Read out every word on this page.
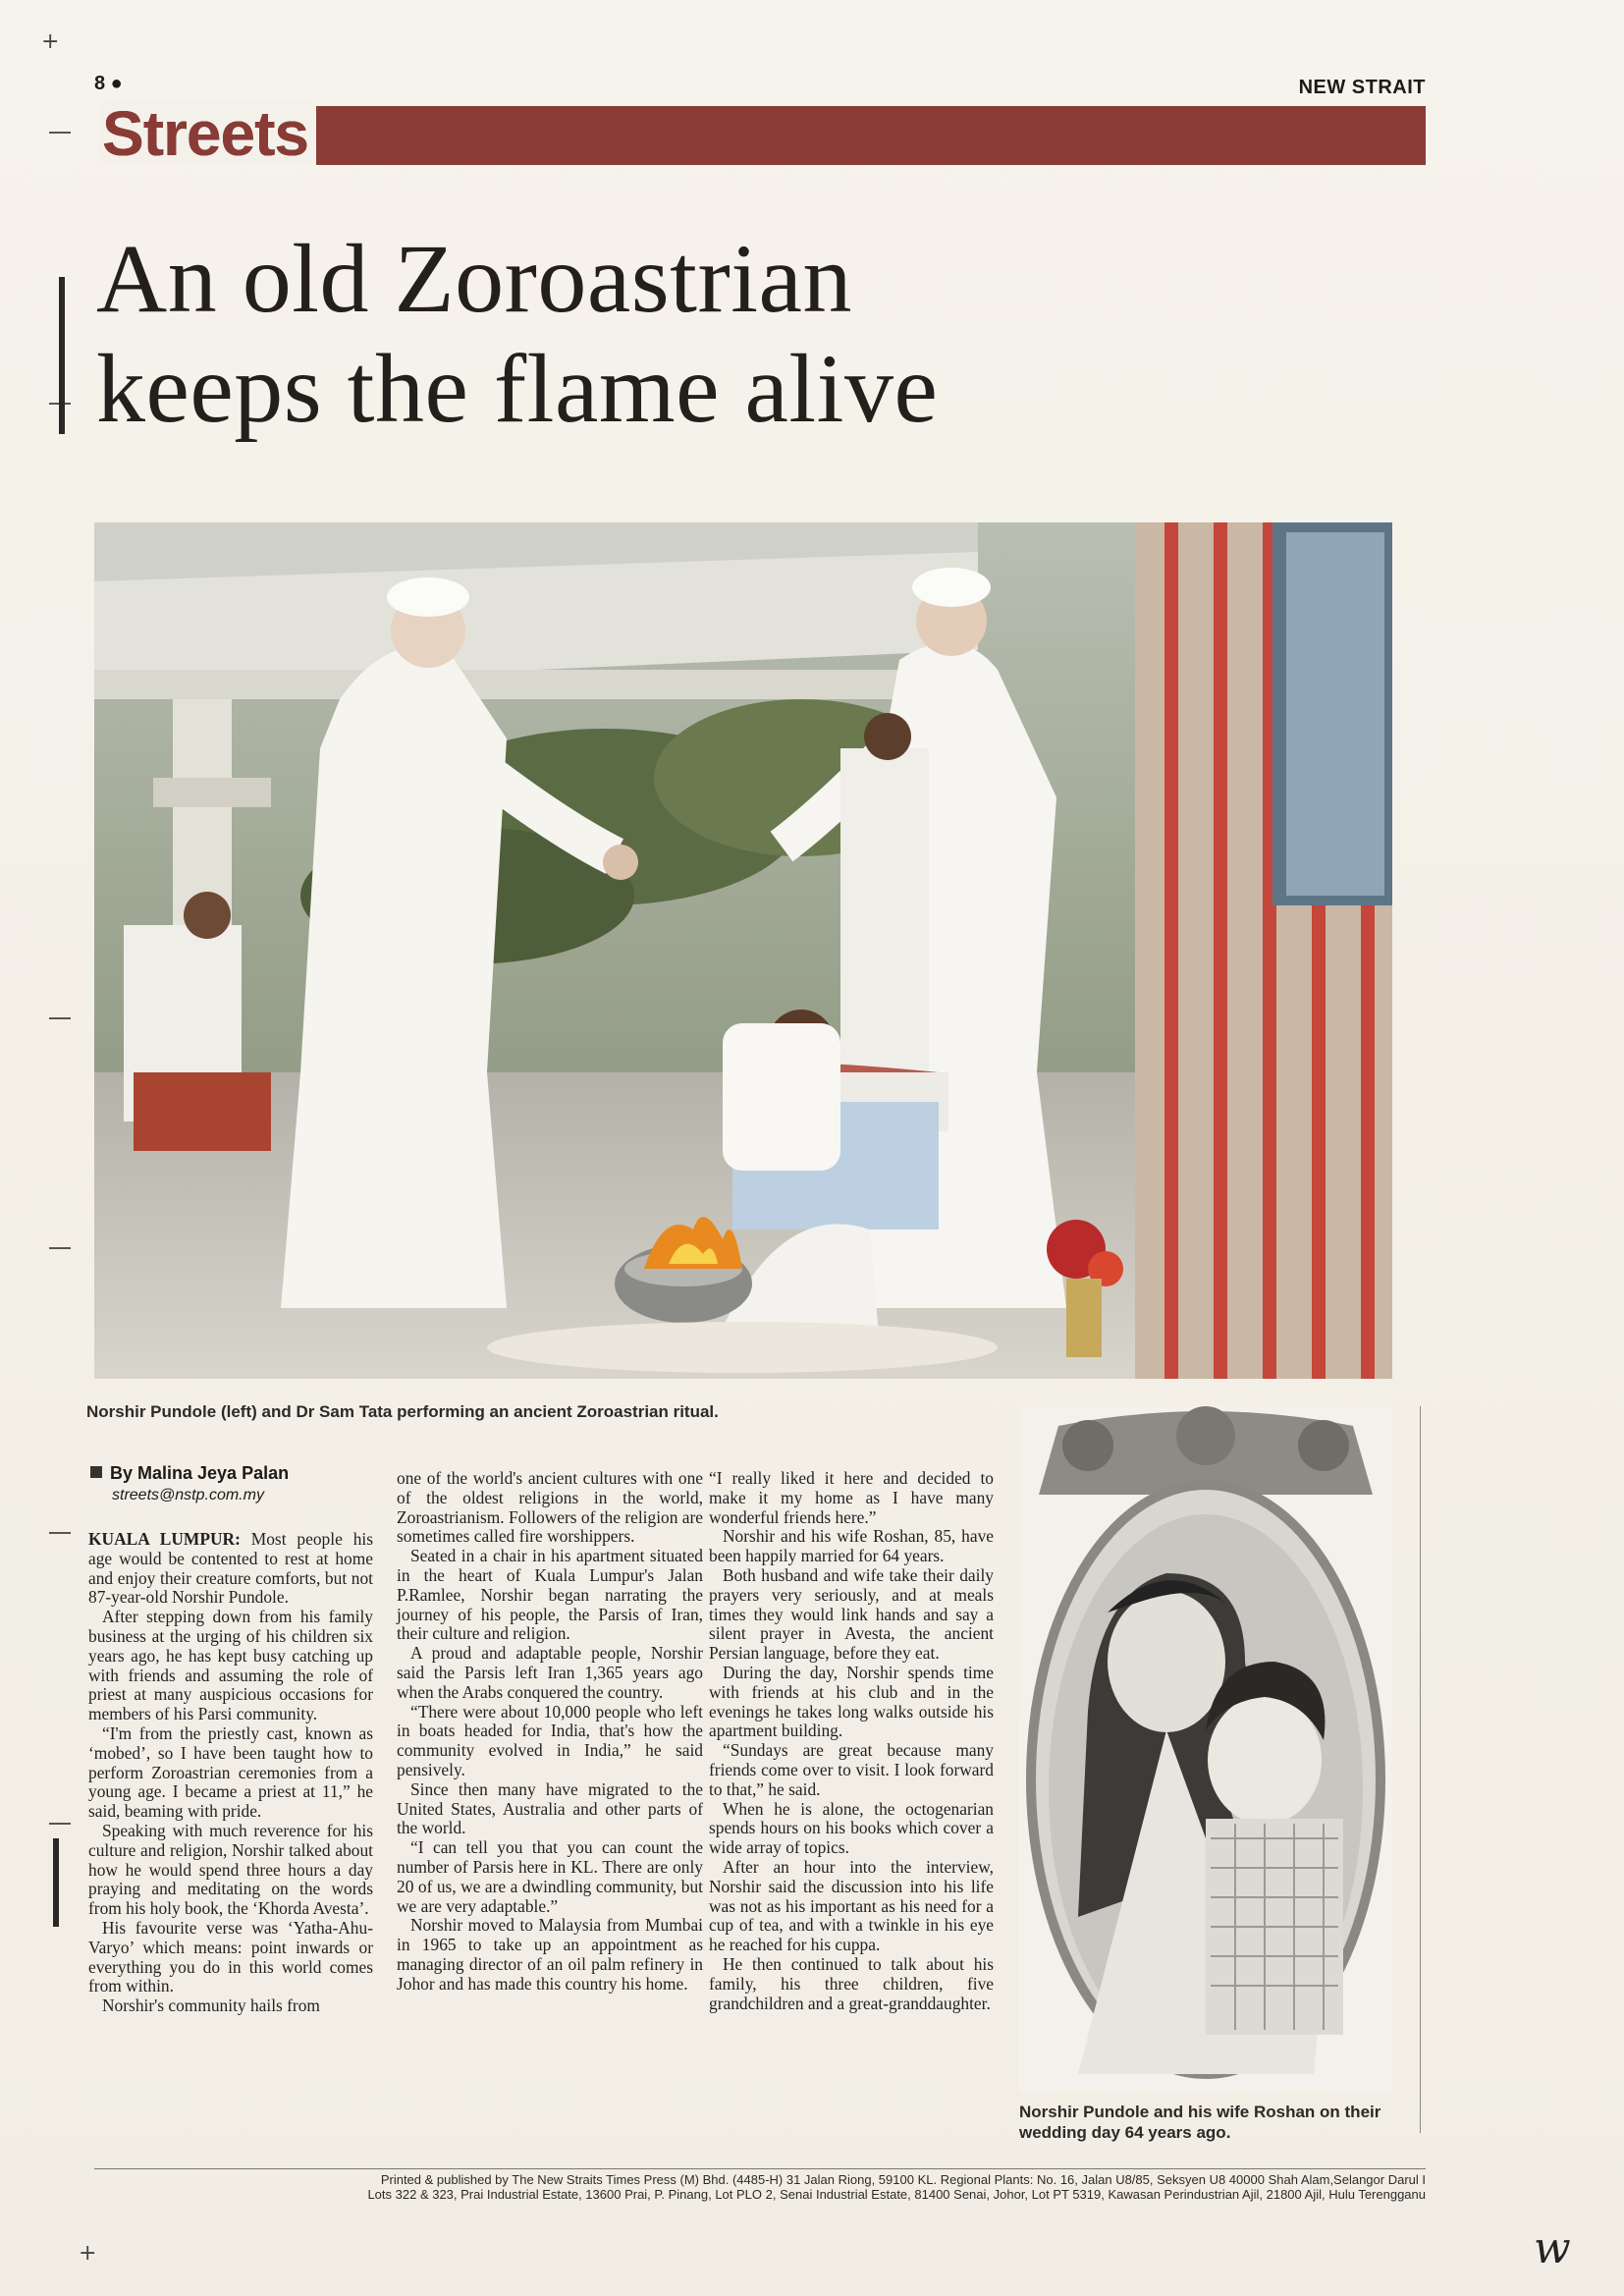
+
+
8 ●	NEW STRAIT
Streets
An old Zoroastrian
keeps the flame alive
Norshir Pundole (left) and Dr Sam Tata performing an ancient Zoroastrian ritual.
By Malina Jeya Palan
streets@nstp.com.my

KUALA LUMPUR: Most people his age would be contented to rest at home and enjoy their creature comforts, but not 87-year-old Norshir Pundole.

After stepping down from his family business at the urging of his children six years ago, he has kept busy catching up with friends and assuming the role of priest at many auspicious occasions for members of his Parsi community.

“I'm from the priestly cast, known as ‘mobed’, so I have been taught how to perform Zoroastrian ceremonies from a young age. I became a priest at 11,” he said, beaming with pride.

Speaking with much reverence for his culture and religion, Norshir talked about how he would spend three hours a day praying and meditating on the words from his holy book, the ‘Khorda Avesta’.

His favourite verse was ‘Yatha-Ahu-Varyo’ which means: point inwards or everything you do in this world comes from within.

Norshir's community hails from

one of the world's ancient cultures with one of the oldest religions in the world, Zoroastrianism. Followers of the religion are sometimes called fire worshippers.

Seated in a chair in his apartment situated in the heart of Kuala Lumpur's Jalan P.Ramlee, Norshir began narrating the journey of his people, the Parsis of Iran, their culture and religion.

A proud and adaptable people, Norshir said the Parsis left Iran 1,365 years ago when the Arabs conquered the country.

“There were about 10,000 people who left in boats headed for India, that's how the community evolved in India,” he said pensively.

Since then many have migrated to the United States, Australia and other parts of the world.

“I can tell you that you can count the number of Parsis here in KL. There are only 20 of us, we are a dwindling community, but we are very adaptable.”

Norshir moved to Malaysia from Mumbai in 1965 to take up an appointment as managing director of an oil palm refinery in Johor and has made this country his home.

“I really liked it here and decided to make it my home as I have many wonderful friends here.”

Norshir and his wife Roshan, 85, have been happily married for 64 years.

Both husband and wife take their daily prayers very seriously, and at meals times they would link hands and say a silent prayer in Avesta, the ancient Persian language, before they eat.

During the day, Norshir spends time with friends at his club and in the evenings he takes long walks outside his apartment building.

“Sundays are great because many friends come over to visit. I look forward to that,” he said.

When he is alone, the octogenarian spends hours on his books which cover a wide array of topics.

After an hour into the interview, Norshir said the discussion into his life was not as his important as his need for a cup of tea, and with a twinkle in his eye he reached for his cuppa.

He then continued to talk about his family, his three children, five grandchildren and a great-granddaughter.

Norshir Pundole and his wife Roshan on their wedding day 64 years ago.
Printed & published by The New Straits Times Press (M) Bhd. (4485-H) 31 Jalan Riong, 59100 KL. Regional Plants: No. 16, Jalan U8/85, Seksyen U8 40000 Shah Alam,Selangor Darul I
Lots 322 & 323, Prai Industrial Estate, 13600 Prai, P. Pinang, Lot PLO 2, Senai Industrial Estate, 81400 Senai, Johor, Lot PT 5319, Kawasan Perindustrian Ajil, 21800 Ajil, Hulu Terengganu
w
